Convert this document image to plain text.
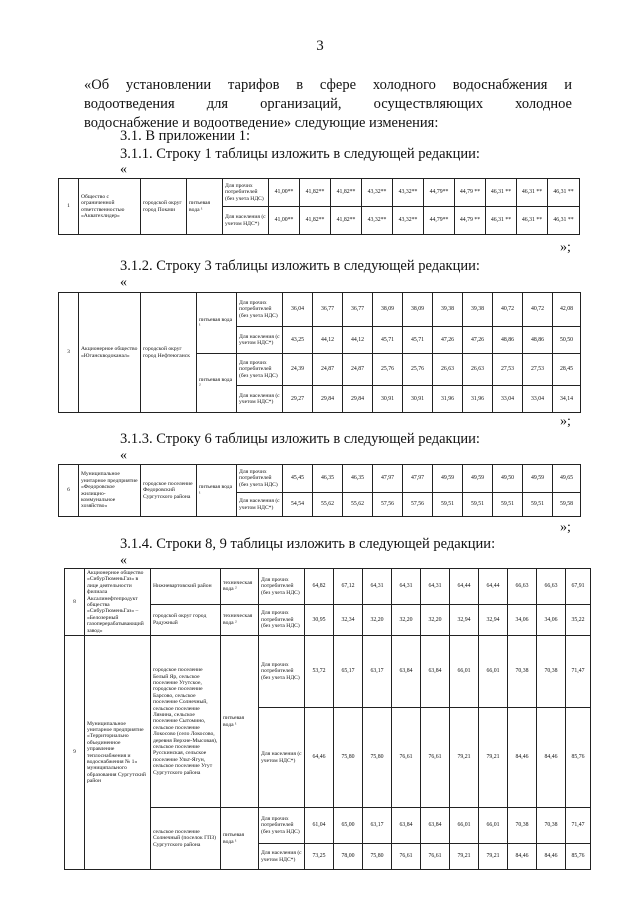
3
«Об установлении тарифов в сфере холодного водоснабжения и
водоотведения для организаций, осуществляющих холодное
водоснабжение и водоотведение» следующие изменения:
3.1. В приложении 1:
3.1.1. Строку 1 таблицы изложить в следующей редакции:
«
1	Общество с ограниченной ответственностью «Акватехлидер»	городской округ город Покачи	питьевая вода ¹	Для прочих потребителей (без учета НДС)	41,00**	41,82**	41,82**	43,32**	43,32**	44,79**	44,79 **	46,31 **	46,31 **	46,31 **
				Для населения (с учетом НДС*)	41,00**	41,82**	41,82**	43,32**	43,32**	44,79**	44,79 **	46,31 **	46,31 **	46,31 **
»;
3.1.2. Строку 3 таблицы изложить в следующей редакции:
«
3	Акционерное общество «Юганскводоканал»	городской округ город Нефтеюганск	питьевая вода ¹	Для прочих потребителей (без учета НДС)	36,04	36,77	36,77	38,09	38,09	39,38	39,38	40,72	40,72	42,08
				Для населения (с учетом НДС*)	43,25	44,12	44,12	45,71	45,71	47,26	47,26	48,86	48,86	50,50
			питьевая вода ²	Для прочих потребителей (без учета НДС)	24,39	24,87	24,87	25,76	25,76	26,63	26,63	27,53	27,53	28,45
				Для населения (с учетом НДС*)	29,27	29,84	29,84	30,91	30,91	31,96	31,96	33,04	33,04	34,14
»;
3.1.3. Строку 6 таблицы изложить в следующей редакции:
«
6	Муниципальное унитарное предприятие «Федоровское жилищно-коммунальное хозяйство»	городское поселение Федоровский Сургутского района	питьевая вода ¹	Для прочих потребителей (без учета НДС)	45,45	46,35	46,35	47,97	47,97	49,59	49,59	49,50	49,59	49,65
				Для населения (с учетом НДС*)	54,54	55,62	55,62	57,56	57,56	59,51	59,51	59,51	59,51	59,58
»;
3.1.4. Строки 8, 9 таблицы изложить в следующей редакции:
«
8	Акционерное общество «СибурТюменьГаз» в лице деятельности филиала Аксалинефтепродукт общества «СибурТюменьГаз» – «Белозерный газоперерабатывающий завод»	Нижневартовский район	техническая вода ²	Для прочих потребителей (без учета НДС)	64,82	67,12	64,31	64,31	64,31	64,44	64,44	66,63	66,63	67,91
		городской округ город Радужный	техническая вода ²	Для прочих потребителей (без учета НДС)	30,95	32,34	32,20	32,20	32,20	32,94	32,94	34,06	34,06	35,22
9	Муниципальное унитарное предприятие «Территориально объединенное управление теплоснабжения и водоснабжения № 1» муниципального образования Сургутский район	городское поселение Белый Яр, сельское поселение Угутское, городское поселение Барсово, сельское поселение Солнечный, сельское поселение Лямина, сельское поселение Сытомино, сельское поселение Локосово (село Локосово, деревня Верхне-Мысовая), сельское поселение Русскинская, сельское поселение Ульт-Ягун, сельское поселение Угут Сургутского района	питьевая вода ¹	Для прочих потребителей (без учета НДС)	53,72	65,17	63,17	63,84	63,84	66,01	66,01	70,38	70,38	71,47
				Для населения (с учетом НДС*)	64,46	75,80	75,80	76,61	76,61	79,21	79,21	84,46	84,46	85,76
		сельское поселение Солнечный (поселок ГПЗ) Сургутского района	питьевая вода ¹	Для прочих потребителей (без учета НДС)	61,04	65,00	63,17	63,84	63,84	66,01	66,01	70,38	70,38	71,47
				Для населения (с учетом НДС*)	73,25	78,00	75,80	76,61	76,61	79,21	79,21	84,46	84,46	85,76
